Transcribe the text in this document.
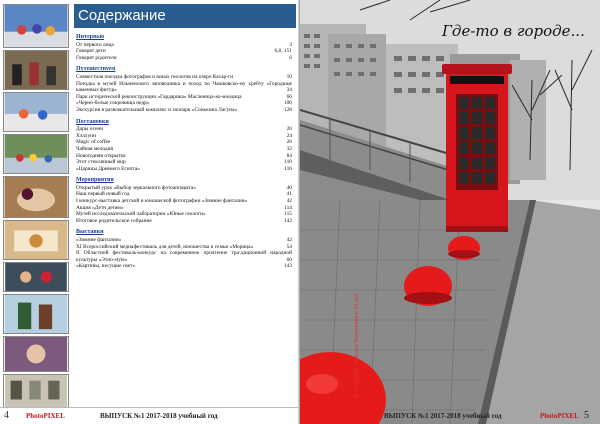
Содержание
Интервью
От первого лица	3
Говорят дети	6,8, 151
Говорят родители	6
Путешествуем
Совместная поездка фотографов и юных геологов на озеро Касар-ги	10
Поездка в музей Ильменского заповедника и поход по Чашковско-му хребту «Городище каменных фигур»	34
Парк исторической реконструкции «Гардарика» Масленица-ко-моедица	66
«Черно-белые сокровища недр»	100
Экскурсия в развлекательный комплекс и зоопарк «Сонькина Лагуна»	128
Постановки
Дары осени	20
Хэллуин	24
Magic of coffee	26
Чайная мелодия	32
Новогодняя открытка	84
Этот стеклянный мир	110
«Царицы Древнего Египта»	116
Мероприятия
Открытый урок «Выбор зеркального фотоаппарата»	40
Наш первый новый год	41
I конкурс-выставка детской и юношеской фотографии «Зимние фантазии»	42
Акция «Детн детям»	114
Музей исследовательской лаборатории «Юные геологи»	115
Итоговое родительское собрание	142
Выставки
«Зимние фантазии»	42
XI Всероссийский медиафестиваль для детей, юношества и семьи «Морица»	54
II Областной фестиваль-конкурс на современное прочтение тра-диционной народной культуры «Этно-style»	60
«Картины, несущие свет»	143
4 PhotoPIXEL	ВЫПУСК №1 2017-2018 учебный год
Где-то в городе...
фотография: Михаил Пышменцев 12 лет
ВЫПУСК №1 2017-2018 учебный год	PhotoPIXEL 5
